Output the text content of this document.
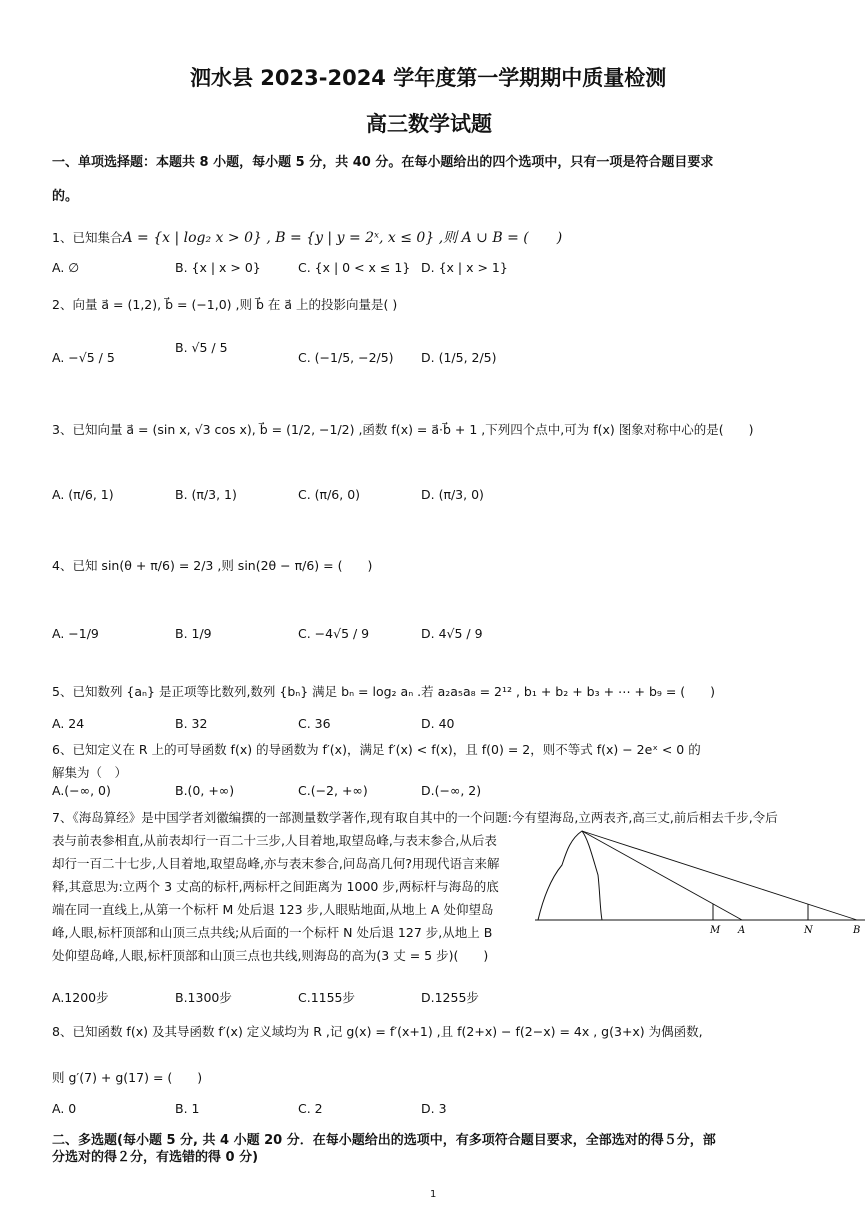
泗水县 2023-2024 学年度第一学期期中质量检测
高三数学试题
一、单项选择题：本题共 8 小题，每小题 5 分，共 40 分。在每小题给出的四个选项中，只有一项是符合题目要求
的。
1、已知集合A = {x | log₂ x > 0} , B = {y | y = 2ˣ, x ≤ 0} ,则 A ∪ B = (　　)
A. ∅	B. {x | x > 0}	C. {x | 0 < x ≤ 1} D. {x | x > 1}
2、向量 a⃗ = (1,2), b⃗ = (−1,0) ,则 b⃗ 在 a⃗ 上的投影向量是( )
A. −√5 / 5
B. √5 / 5
C. (−1/5, −2/5) D. (1/5, 2/5)
3、已知向量 a⃗ = (sin x, √3 cos x), b⃗ = (1/2, −1/2) ,函数 f(x) = a⃗·b⃗ + 1 ,下列四个点中,可为 f(x) 图象对称中心的是(　　)
A. (π/6, 1)	B. (π/3, 1)	C. (π/6, 0)	D. (π/3, 0)
4、已知 sin(θ + π/6) = 2/3 ,则 sin(2θ − π/6) = (　　)
A. −1/9	B. 1/9	C. −4√5 / 9	D. 4√5 / 9
5、已知数列 {aₙ} 是正项等比数列,数列 {bₙ} 满足 bₙ = log₂ aₙ .若 a₂a₅a₈ = 2¹² , b₁ + b₂ + b₃ + ⋯ + b₉ = (　　)
A. 24	B. 32	C. 36	D. 40
6、已知定义在 R 上的可导函数 f(x) 的导函数为 f′(x)，满足 f′(x) < f(x)，且 f(0) = 2，则不等式 f(x) − 2eˣ < 0 的
解集为（　）
A.(−∞, 0)	B.(0, +∞)	C.(−2, +∞)	D.(−∞, 2)
7、《海岛算经》是中国学者刘徽编撰的一部测量数学著作,现有取自其中的一个问题:今有望海岛,立两表齐,高三丈,前后相去千步,令后
表与前表参相直,从前表却行一百二十三步,人目着地,取望岛峰,与表末参合,从后表
却行一百二十七步,人目着地,取望岛峰,亦与表末参合,问岛高几何?用现代语言来解
释,其意思为:立两个 3 丈高的标杆,两标杆之间距离为 1000 步,两标杆与海岛的底
端在同一直线上,从第一个标杆 M 处后退 123 步,人眼贴地面,从地上 A 处仰望岛
峰,人眼,标杆顶部和山顶三点共线;从后面的一个标杆 N 处后退 127 步,从地上 B
处仰望岛峰,人眼,标杆顶部和山顶三点也共线,则海岛的高为(3 丈 = 5 步)(　　)
M A	N	B
A.1200步	B.1300步	C.1155步	D.1255步
8、已知函数 f(x) 及其导函数 f′(x) 定义域均为 R ,记 g(x) = f′(x+1) ,且 f(2+x) − f(2−x) = 4x , g(3+x) 为偶函数,
则 g′(7) + g(17) = (　　)
A. 0	B. 1	C. 2	D. 3
二、多选题(每小题 5 分, 共 4 小题 20 分．在每小题给出的选项中，有多项符合题目要求，全部选对的得５分，部
分选对的得２分，有选错的得 0 分)
1
